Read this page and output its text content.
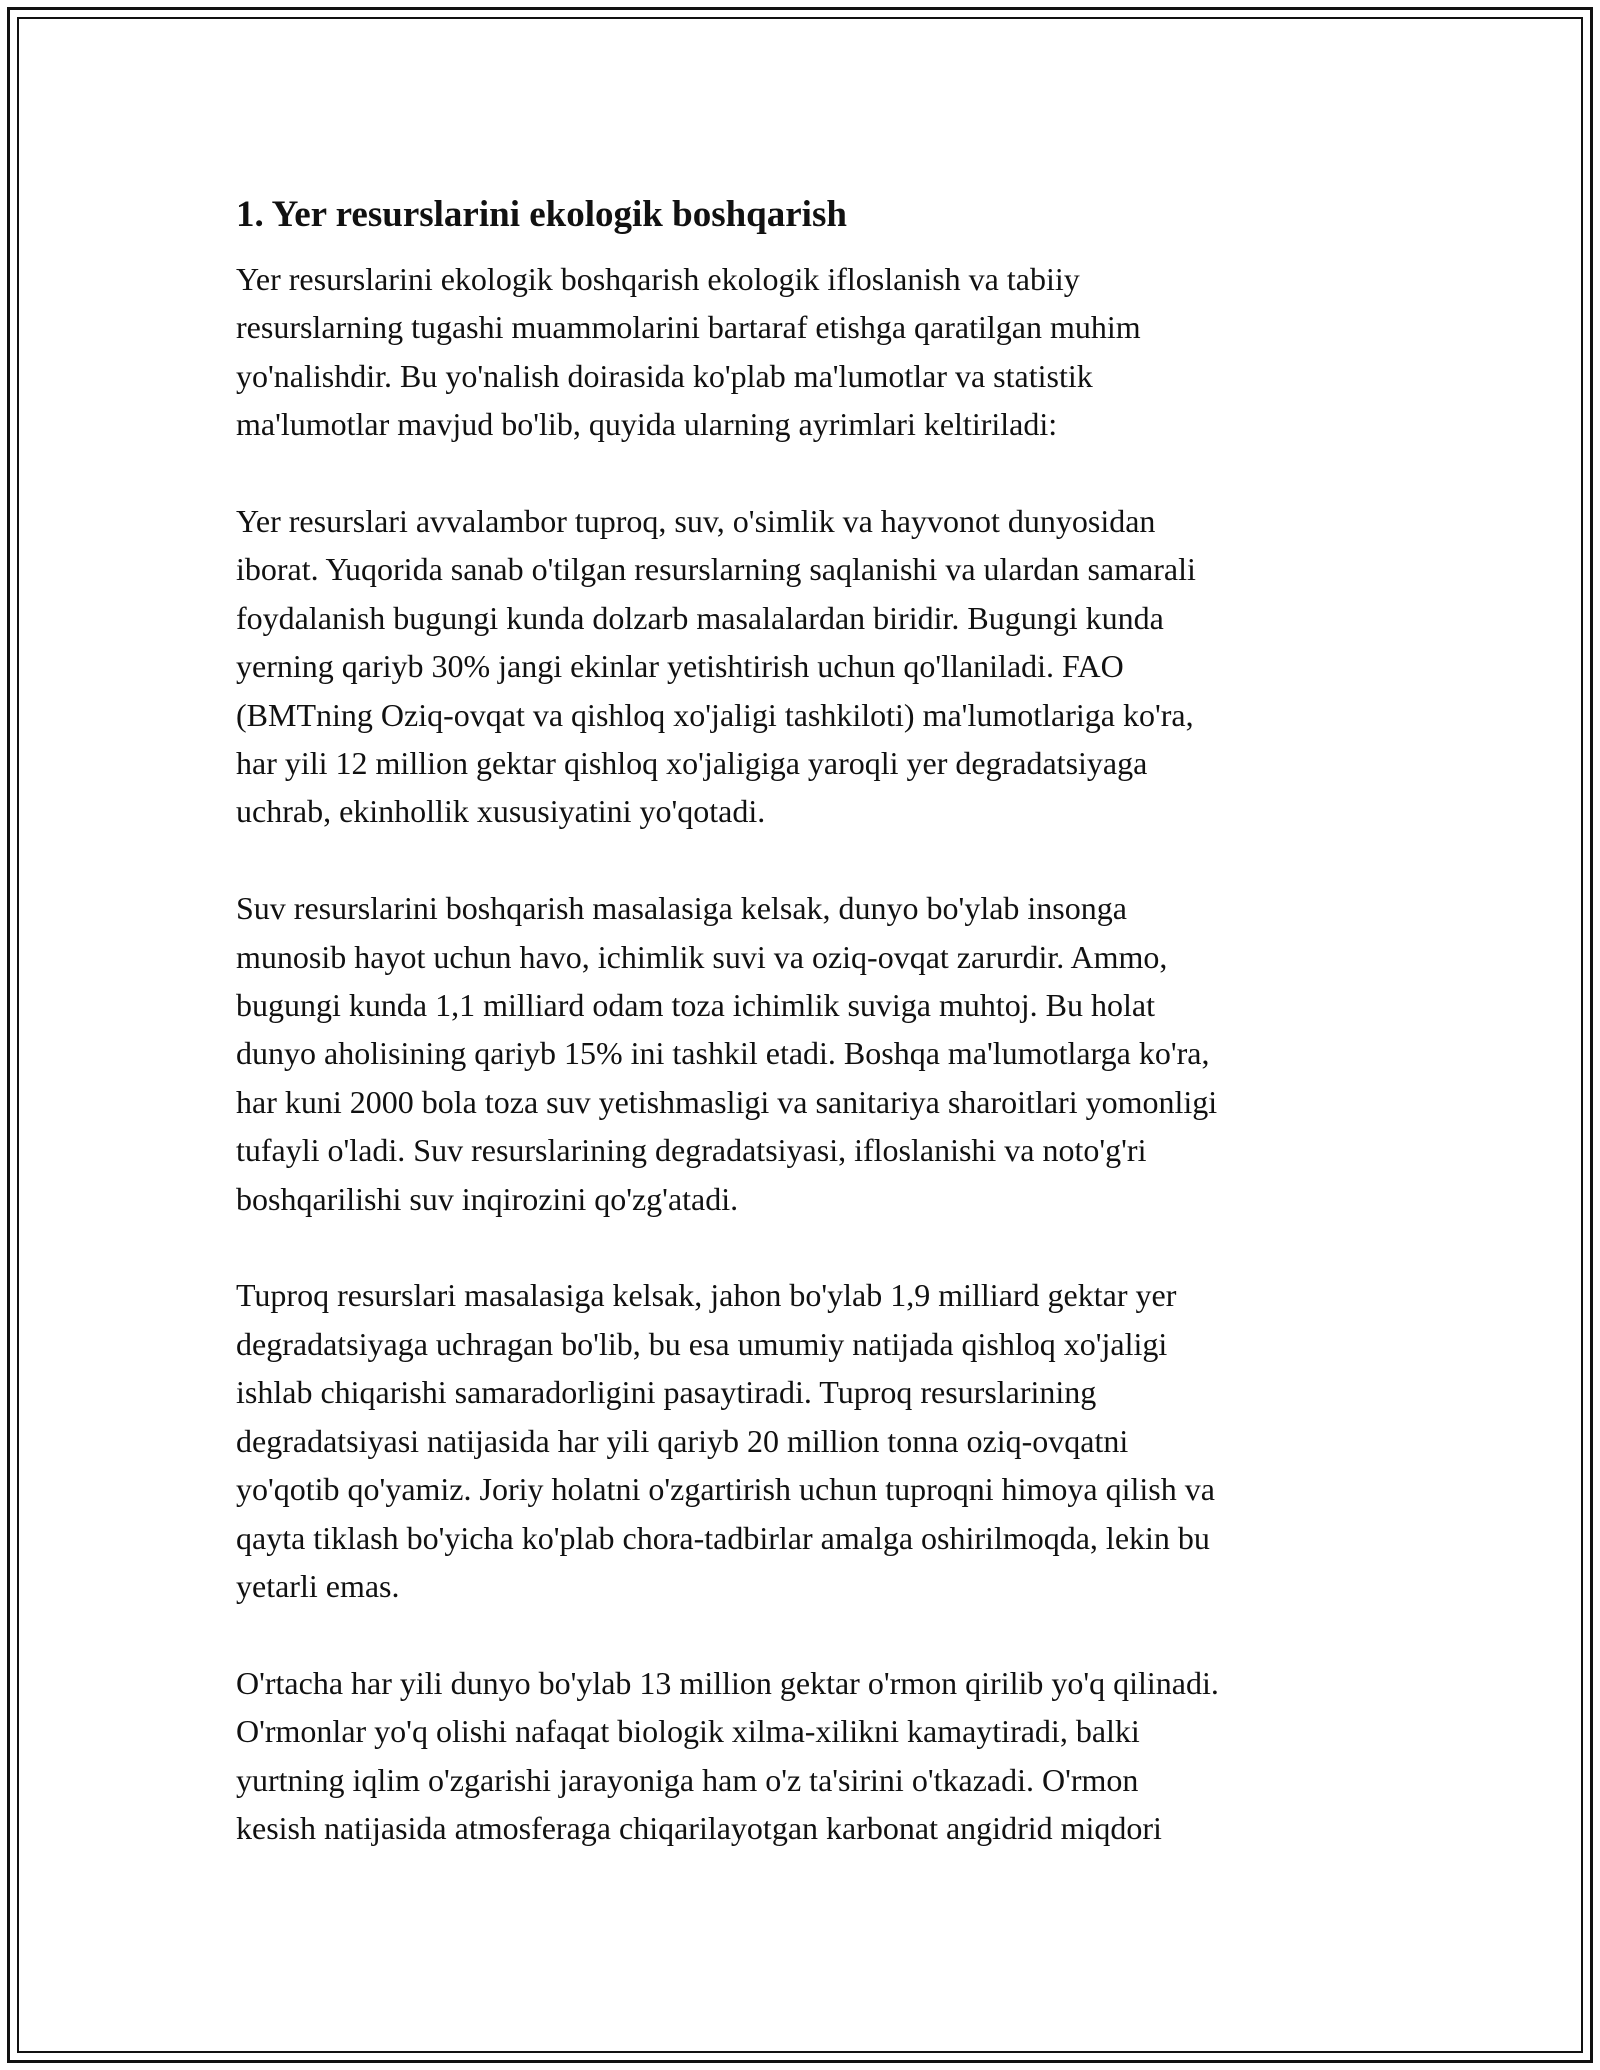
1. Yer resurslarini ekologik boshqarish

Yer resurslarini ekologik boshqarish ekologik ifloslanish va tabiiy
resurslarning tugashi muammolarini bartaraf etishga qaratilgan muhim
yo'nalishdir. Bu yo'nalish doirasida ko'plab ma'lumotlar va statistik
ma'lumotlar mavjud bo'lib, quyida ularning ayrimlari keltiriladi:

Yer resurslari avvalambor tuproq, suv, o'simlik va hayvonot dunyosidan
iborat. Yuqorida sanab o'tilgan resurslarning saqlanishi va ulardan samarali
foydalanish bugungi kunda dolzarb masalalardan biridir. Bugungi kunda
yerning qariyb 30% jangi ekinlar yetishtirish uchun qo'llaniladi. FAO
(BMTning Oziq-ovqat va qishloq xo'jaligi tashkiloti) ma'lumotlariga ko'ra,
har yili 12 million gektar qishloq xo'jaligiga yaroqli yer degradatsiyaga
uchrab, ekinhollik xususiyatini yo'qotadi.

Suv resurslarini boshqarish masalasiga kelsak, dunyo bo'ylab insonga
munosib hayot uchun havo, ichimlik suvi va oziq-ovqat zarurdir. Ammo,
bugungi kunda 1,1 milliard odam toza ichimlik suviga muhtoj. Bu holat
dunyo aholisining qariyb 15% ini tashkil etadi. Boshqa ma'lumotlarga ko'ra,
har kuni 2000 bola toza suv yetishmasligi va sanitariya sharoitlari yomonligi
tufayli o'ladi. Suv resurslarining degradatsiyasi, ifloslanishi va noto'g'ri
boshqarilishi suv inqirozini qo'zg'atadi.

Tuproq resurslari masalasiga kelsak, jahon bo'ylab 1,9 milliard gektar yer
degradatsiyaga uchragan bo'lib, bu esa umumiy natijada qishloq xo'jaligi
ishlab chiqarishi samaradorligini pasaytiradi. Tuproq resurslarining
degradatsiyasi natijasida har yili qariyb 20 million tonna oziq-ovqatni
yo'qotib qo'yamiz. Joriy holatni o'zgartirish uchun tuproqni himoya qilish va
qayta tiklash bo'yicha ko'plab chora-tadbirlar amalga oshirilmoqda, lekin bu
yetarli emas.

O'rtacha har yili dunyo bo'ylab 13 million gektar o'rmon qirilib yo'q qilinadi.
O'rmonlar yo'q olishi nafaqat biologik xilma-xilikni kamaytiradi, balki
yurtning iqlim o'zgarishi jarayoniga ham o'z ta'sirini o'tkazadi. O'rmon
kesish natijasida atmosferaga chiqarilayotgan karbonat angidrid miqdori
